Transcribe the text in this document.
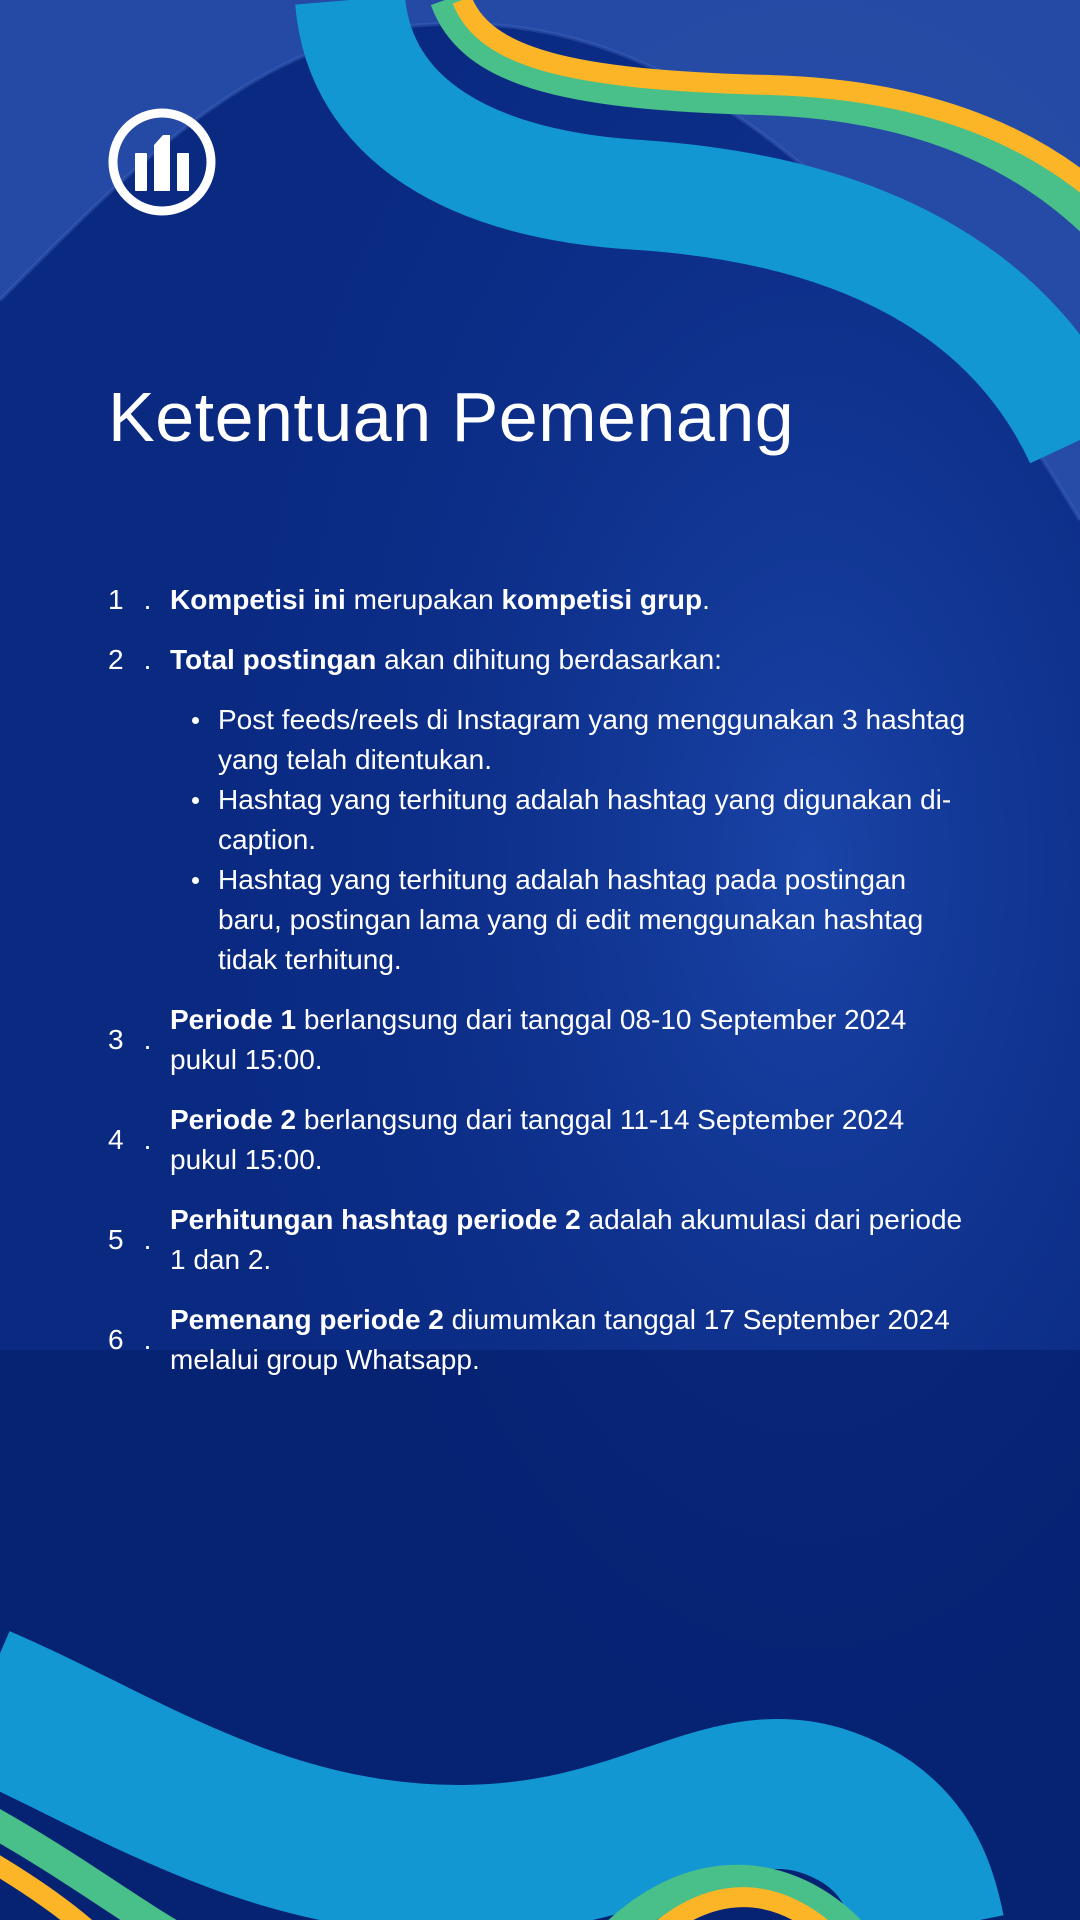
Ketentuan Pemenang
1 . Kompetisi ini merupakan kompetisi grup.
2 . Total postingan akan dihitung berdasarkan:
Post feeds/reels di Instagram yang menggunakan 3 hashtag yang telah ditentukan.
Hashtag yang terhitung adalah hashtag yang digunakan di-caption.
Hashtag yang terhitung adalah hashtag pada postingan baru, postingan lama yang di edit menggunakan hashtag tidak terhitung.
3 .
Periode 1 berlangsung dari tanggal 08-10 September 2024 pukul 15:00.
4 .
Periode 2 berlangsung dari tanggal 11-14 September 2024 pukul 15:00.
5 .
Perhitungan hashtag periode 2 adalah akumulasi dari periode 1 dan 2.
6 .
Pemenang periode 2 diumumkan tanggal 17 September 2024 melalui group Whatsapp.
